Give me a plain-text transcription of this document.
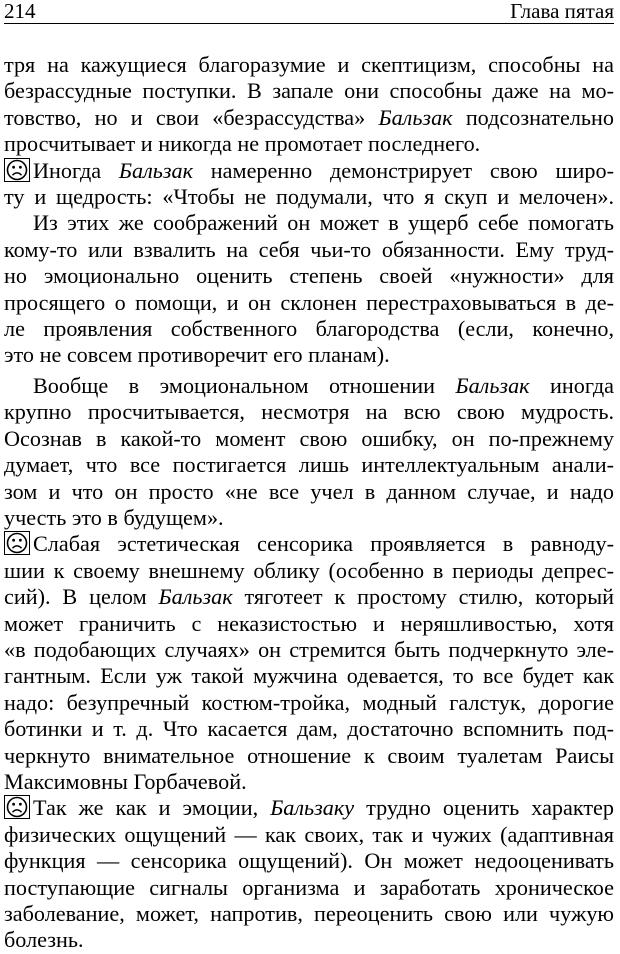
214	Глава пятая

тря на кажущиеся благоразумие и скептицизм, способны на
безрассудные поступки. В запале они способны даже на мо-
товство, но и свои «безрассудства» Бальзак подсознательно
просчитывает и никогда не промотает последнего.

Иногда Бальзак намеренно демонстрирует свою широ-
ту и щедрость: «Чтобы не подумали, что я скуп и мелочен».

Из этих же соображений он может в ущерб себе помогать
кому-то или взвалить на себя чьи-то обязанности. Ему труд-
но эмоционально оценить степень своей «нужности» для
просящего о помощи, и он склонен перестраховываться в де-
ле проявления собственного благородства (если, конечно,
это не совсем противоречит его планам).

Вообще в эмоциональном отношении Бальзак иногда
крупно просчитывается, несмотря на всю свою мудрость.
Осознав в какой-то момент свою ошибку, он по-прежнему
думает, что все постигается лишь интеллектуальным анали-
зом и что он просто «не все учел в данном случае, и надо
учесть это в будущем».

Слабая эстетическая сенсорика проявляется в равноду-
шии к своему внешнему облику (особенно в периоды депрес-
сий). В целом Бальзак тяготеет к простому стилю, который
может граничить с неказистостью и неряшливостью, хотя
«в подобающих случаях» он стремится быть подчеркнуто эле-
гантным. Если уж такой мужчина одевается, то все будет как
надо: безупречный костюм-тройка, модный галстук, дорогие
ботинки и т. д. Что касается дам, достаточно вспомнить под-
черкнуто внимательное отношение к своим туалетам Раисы
Максимовны Горбачевой.

Так же как и эмоции, Бальзаку трудно оценить характер
физических ощущений — как своих, так и чужих (адаптивная
функция — сенсорика ощущений). Он может недооценивать
поступающие сигналы организма и заработать хроническое
заболевание, может, напротив, переоценить свою или чужую
болезнь.
